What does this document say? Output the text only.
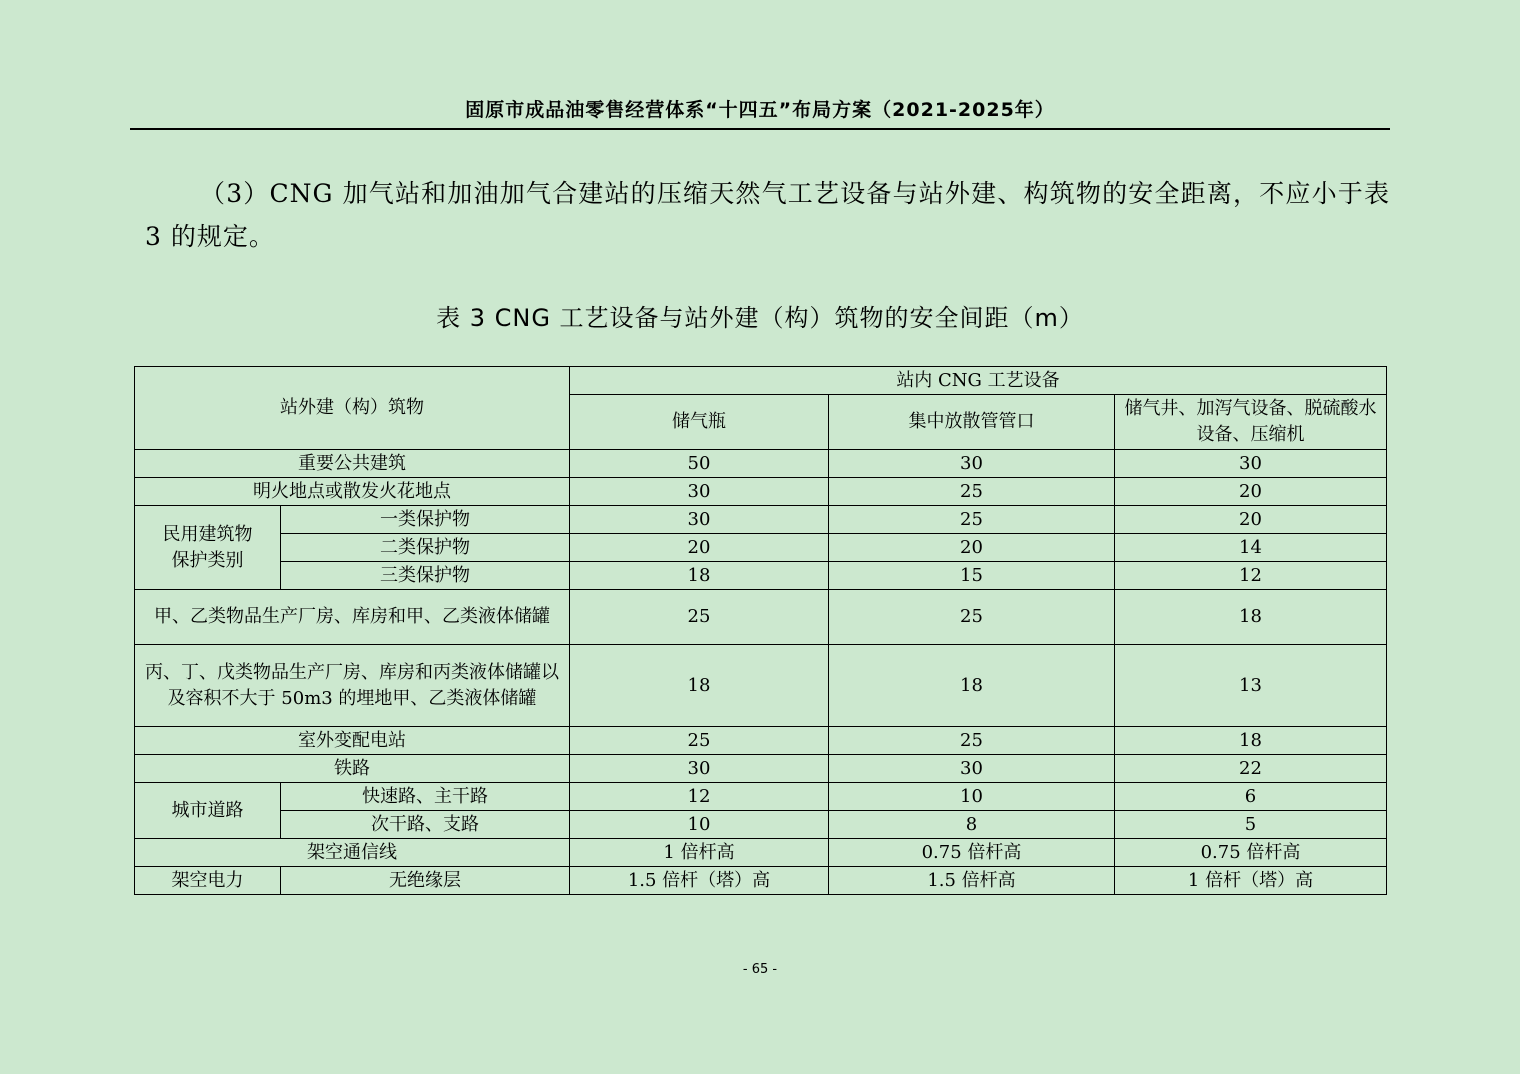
固原市成品油零售经营体系“十四五”布局方案（2021-2025年）
（3）CNG 加气站和加油加气合建站的压缩天然气工艺设备与站外建、构筑物的安全距离，不应小于表 3 的规定。
表 3 CNG 工艺设备与站外建（构）筑物的安全间距（m）
站外建（构）筑物		站内 CNG 工艺设备		
		储气瓶	集中放散管管口	储气井、加泻气设备、脱硫酸水设备、压缩机
重要公共建筑		50	30	30
明火地点或散发火花地点		30	25	20
民用建筑物保护类别	一类保护物	30	25	20
	二类保护物	20	20	14
	三类保护物	18	15	12
甲、乙类物品生产厂房、库房和甲、乙类液体储罐		25	25	18
丙、丁、戊类物品生产厂房、库房和丙类液体储罐以及容积不大于 50m3 的埋地甲、乙类液体储罐		18	18	13
室外变配电站		25	25	18
铁路		30	30	22
城市道路	快速路、主干路	12	10	6
	次干路、支路	10	8	5
架空通信线		1 倍杆高	0.75 倍杆高	0.75 倍杆高
架空电力	无绝缘层	1.5 倍杆（塔）高	1.5 倍杆高	1 倍杆（塔）高
- 65 -
